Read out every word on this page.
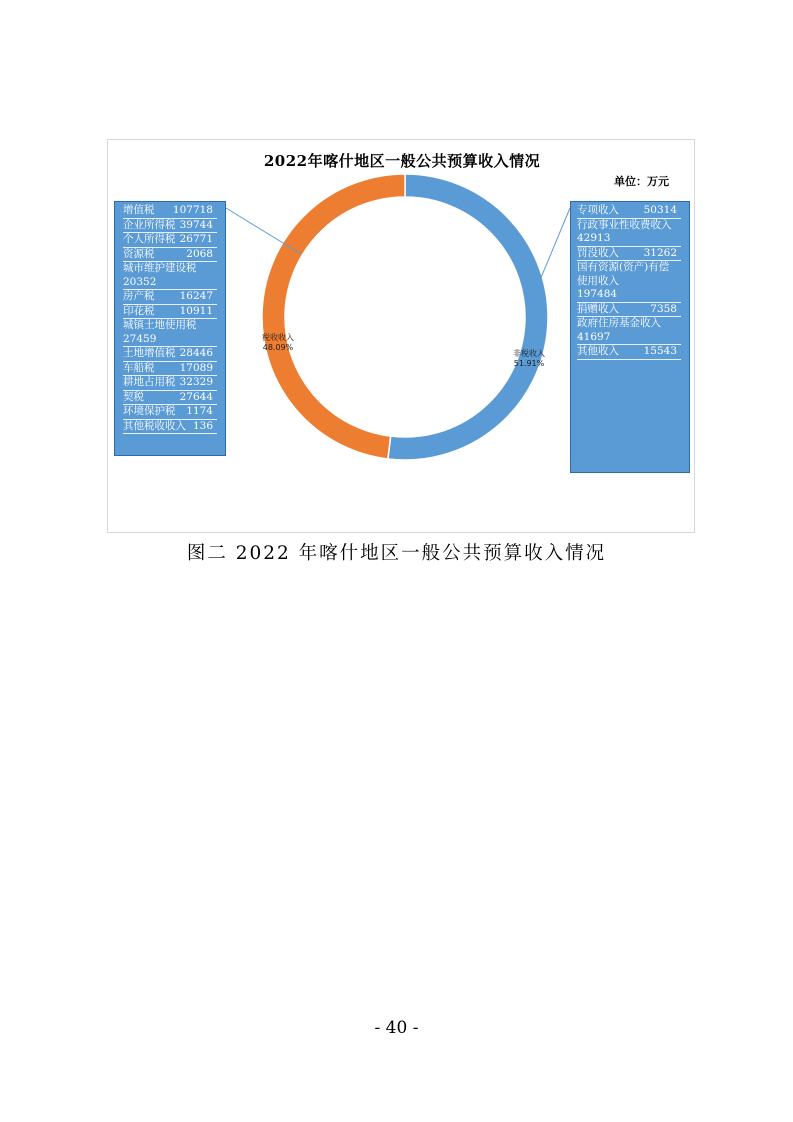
2022年喀什地区一般公共预算收入情况
单位：万元
税收收入
48.09%
非税收入
51.91%
增值税 107718
企业所得税 39744
个人所得税 26771
资源税	2068
城市维护建设税
20352
房产税 16247
印花税 10911
城镇土地使用税
27459
土地增值税 28446
车船税 17089
耕地占用税 32329
契税	27644
环境保护税 1174
其他税收收入 136
专项收入 50314
行政事业性收费收入
42913
罚没收入 31262
国有资源(资产)有偿使用收入
197484
捐赠收入	7358
政府住房基金收入
41697
其他收入 15543
图二 2022 年喀什地区一般公共预算收入情况
- 40 -
